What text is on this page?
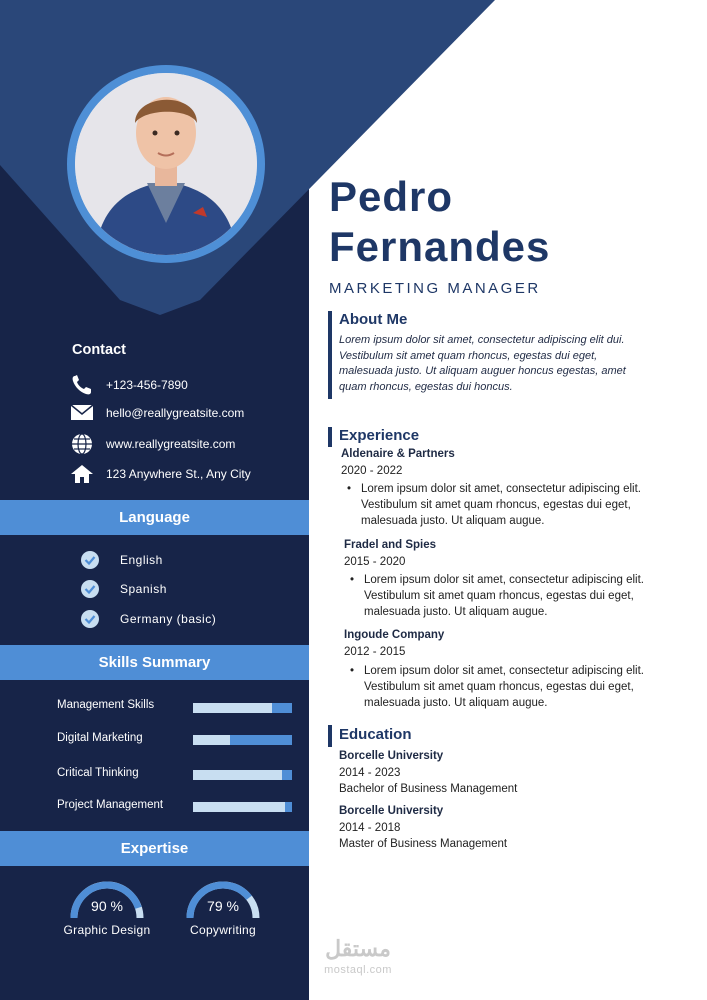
Pedro
Fernandes
MARKETING MANAGER
About Me
Lorem ipsum dolor sit amet, consectetur adipiscing elit dui. Vestibulum sit amet quam rhoncus, egestas dui eget, malesuada justo. Ut aliquam auguer honcus egestas, amet quam rhoncus, egestas dui honcus.
Experience
Aldenaire & Partners
2020 - 2022
• Lorem ipsum dolor sit amet, consectetur adipiscing elit. Vestibulum sit amet quam rhoncus, egestas dui eget, malesuada justo. Ut aliquam augue.
Fradel and Spies
2015 - 2020
• Lorem ipsum dolor sit amet, consectetur adipiscing elit. Vestibulum sit amet quam rhoncus, egestas dui eget, malesuada justo. Ut aliquam augue.
Ingoude Company
2012 - 2015
• Lorem ipsum dolor sit amet, consectetur adipiscing elit. Vestibulum sit amet quam rhoncus, egestas dui eget, malesuada justo. Ut aliquam augue.
Education
Borcelle University
2014 - 2023
Bachelor of Business Management
Borcelle University
2014 - 2018
Master of Business Management
Contact
+123-456-7890
hello@reallygreatsite.com
www.reallygreatsite.com
123 Anywhere St., Any City
Language
English
Spanish
Germany (basic)
Skills Summary
Management Skills
Digital Marketing
Critical Thinking
Project Management
Expertise
90 %
Graphic Design
79 %
Copywriting
مستقل
mostaql.com
